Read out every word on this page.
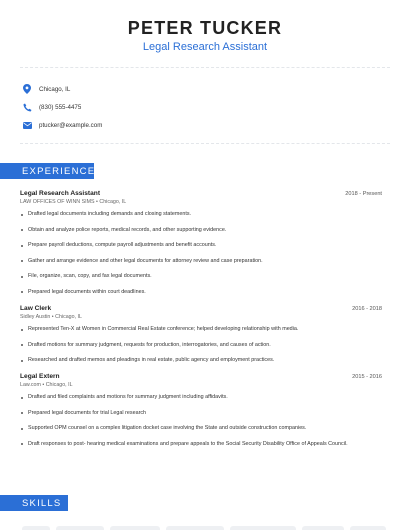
PETER TUCKER
Legal Research Assistant
Chicago, IL
(830) 555-4475
ptucker@example.com
EXPERIENCE
Legal Research Assistant	2018 - Present
LAW OFFICES OF WINN SIMS • Chicago, IL
Drafted legal documents including demands and closing statements.
Obtain and analyze police reports, medical records, and other supporting evidence.
Prepare payroll deductions, compute payroll adjustments and benefit accounts.
Gather and arrange evidence and other legal documents for attorney review and case preparation.
File, organize, scan, copy, and fax legal documents.
Prepared legal documents within court deadlines.
Law Clerk	2016 - 2018
Sidley Austin • Chicago, IL
Represented Ten-X at Women in Commercial Real Estate conference; helped developing relationship with media.
Drafted motions for summary judgment, requests for production, interrogatories, and causes of action.
Researched and drafted memos and pleadings in real estate, public agency and employment practices.
Legal Extern	2015 - 2016
Law.com • Chicago, IL
Drafted and filed complaints and motions for summary judgment including affidavits.
Prepared legal documents for trial Legal research
Supported OPM counsel on a complex litigation docket case involving the State and outside construction companies.
Draft responses to post- hearing medical examinations and prepare appeals to the Social Security Disability Office of Appeals Council.
SKILLS
